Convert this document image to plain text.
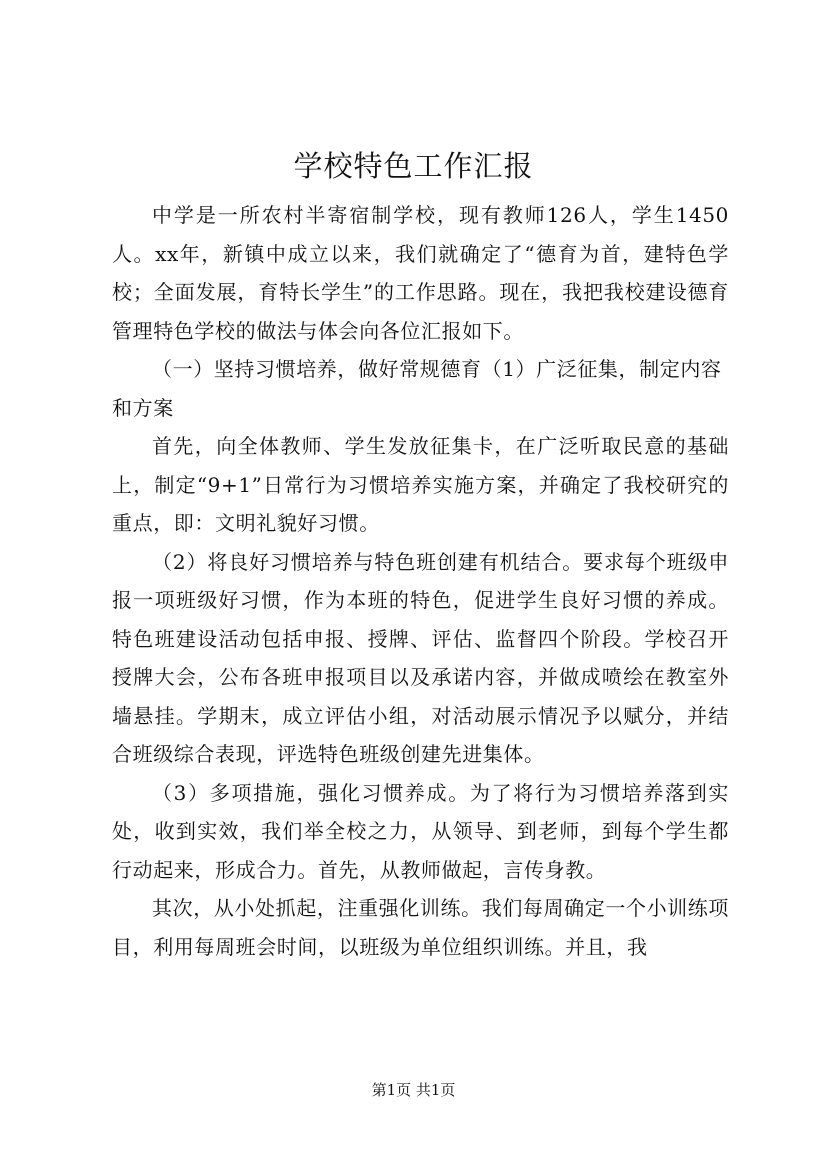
学校特色工作汇报

中学是一所农村半寄宿制学校，现有教师126人，学生1450人。xx年，新镇中成立以来，我们就确定了“德育为首，建特色学校；全面发展，育特长学生”的工作思路。现在，我把我校建设德育管理特色学校的做法与体会向各位汇报如下。

（一）坚持习惯培养，做好常规德育（1）广泛征集，制定内容和方案

首先，向全体教师、学生发放征集卡，在广泛听取民意的基础上，制定“9+1”日常行为习惯培养实施方案，并确定了我校研究的重点，即：文明礼貌好习惯。

（2）将良好习惯培养与特色班创建有机结合。要求每个班级申报一项班级好习惯，作为本班的特色，促进学生良好习惯的养成。特色班建设活动包括申报、授牌、评估、监督四个阶段。学校召开授牌大会，公布各班申报项目以及承诺内容，并做成喷绘在教室外墙悬挂。学期末，成立评估小组，对活动展示情况予以赋分，并结合班级综合表现，评选特色班级创建先进集体。

（3）多项措施，强化习惯养成。为了将行为习惯培养落到实处，收到实效，我们举全校之力，从领导、到老师，到每个学生都行动起来，形成合力。首先，从教师做起，言传身教。

其次，从小处抓起，注重强化训练。我们每周确定一个小训练项目，利用每周班会时间，以班级为单位组织训练。并且，我

第1页 共1页
